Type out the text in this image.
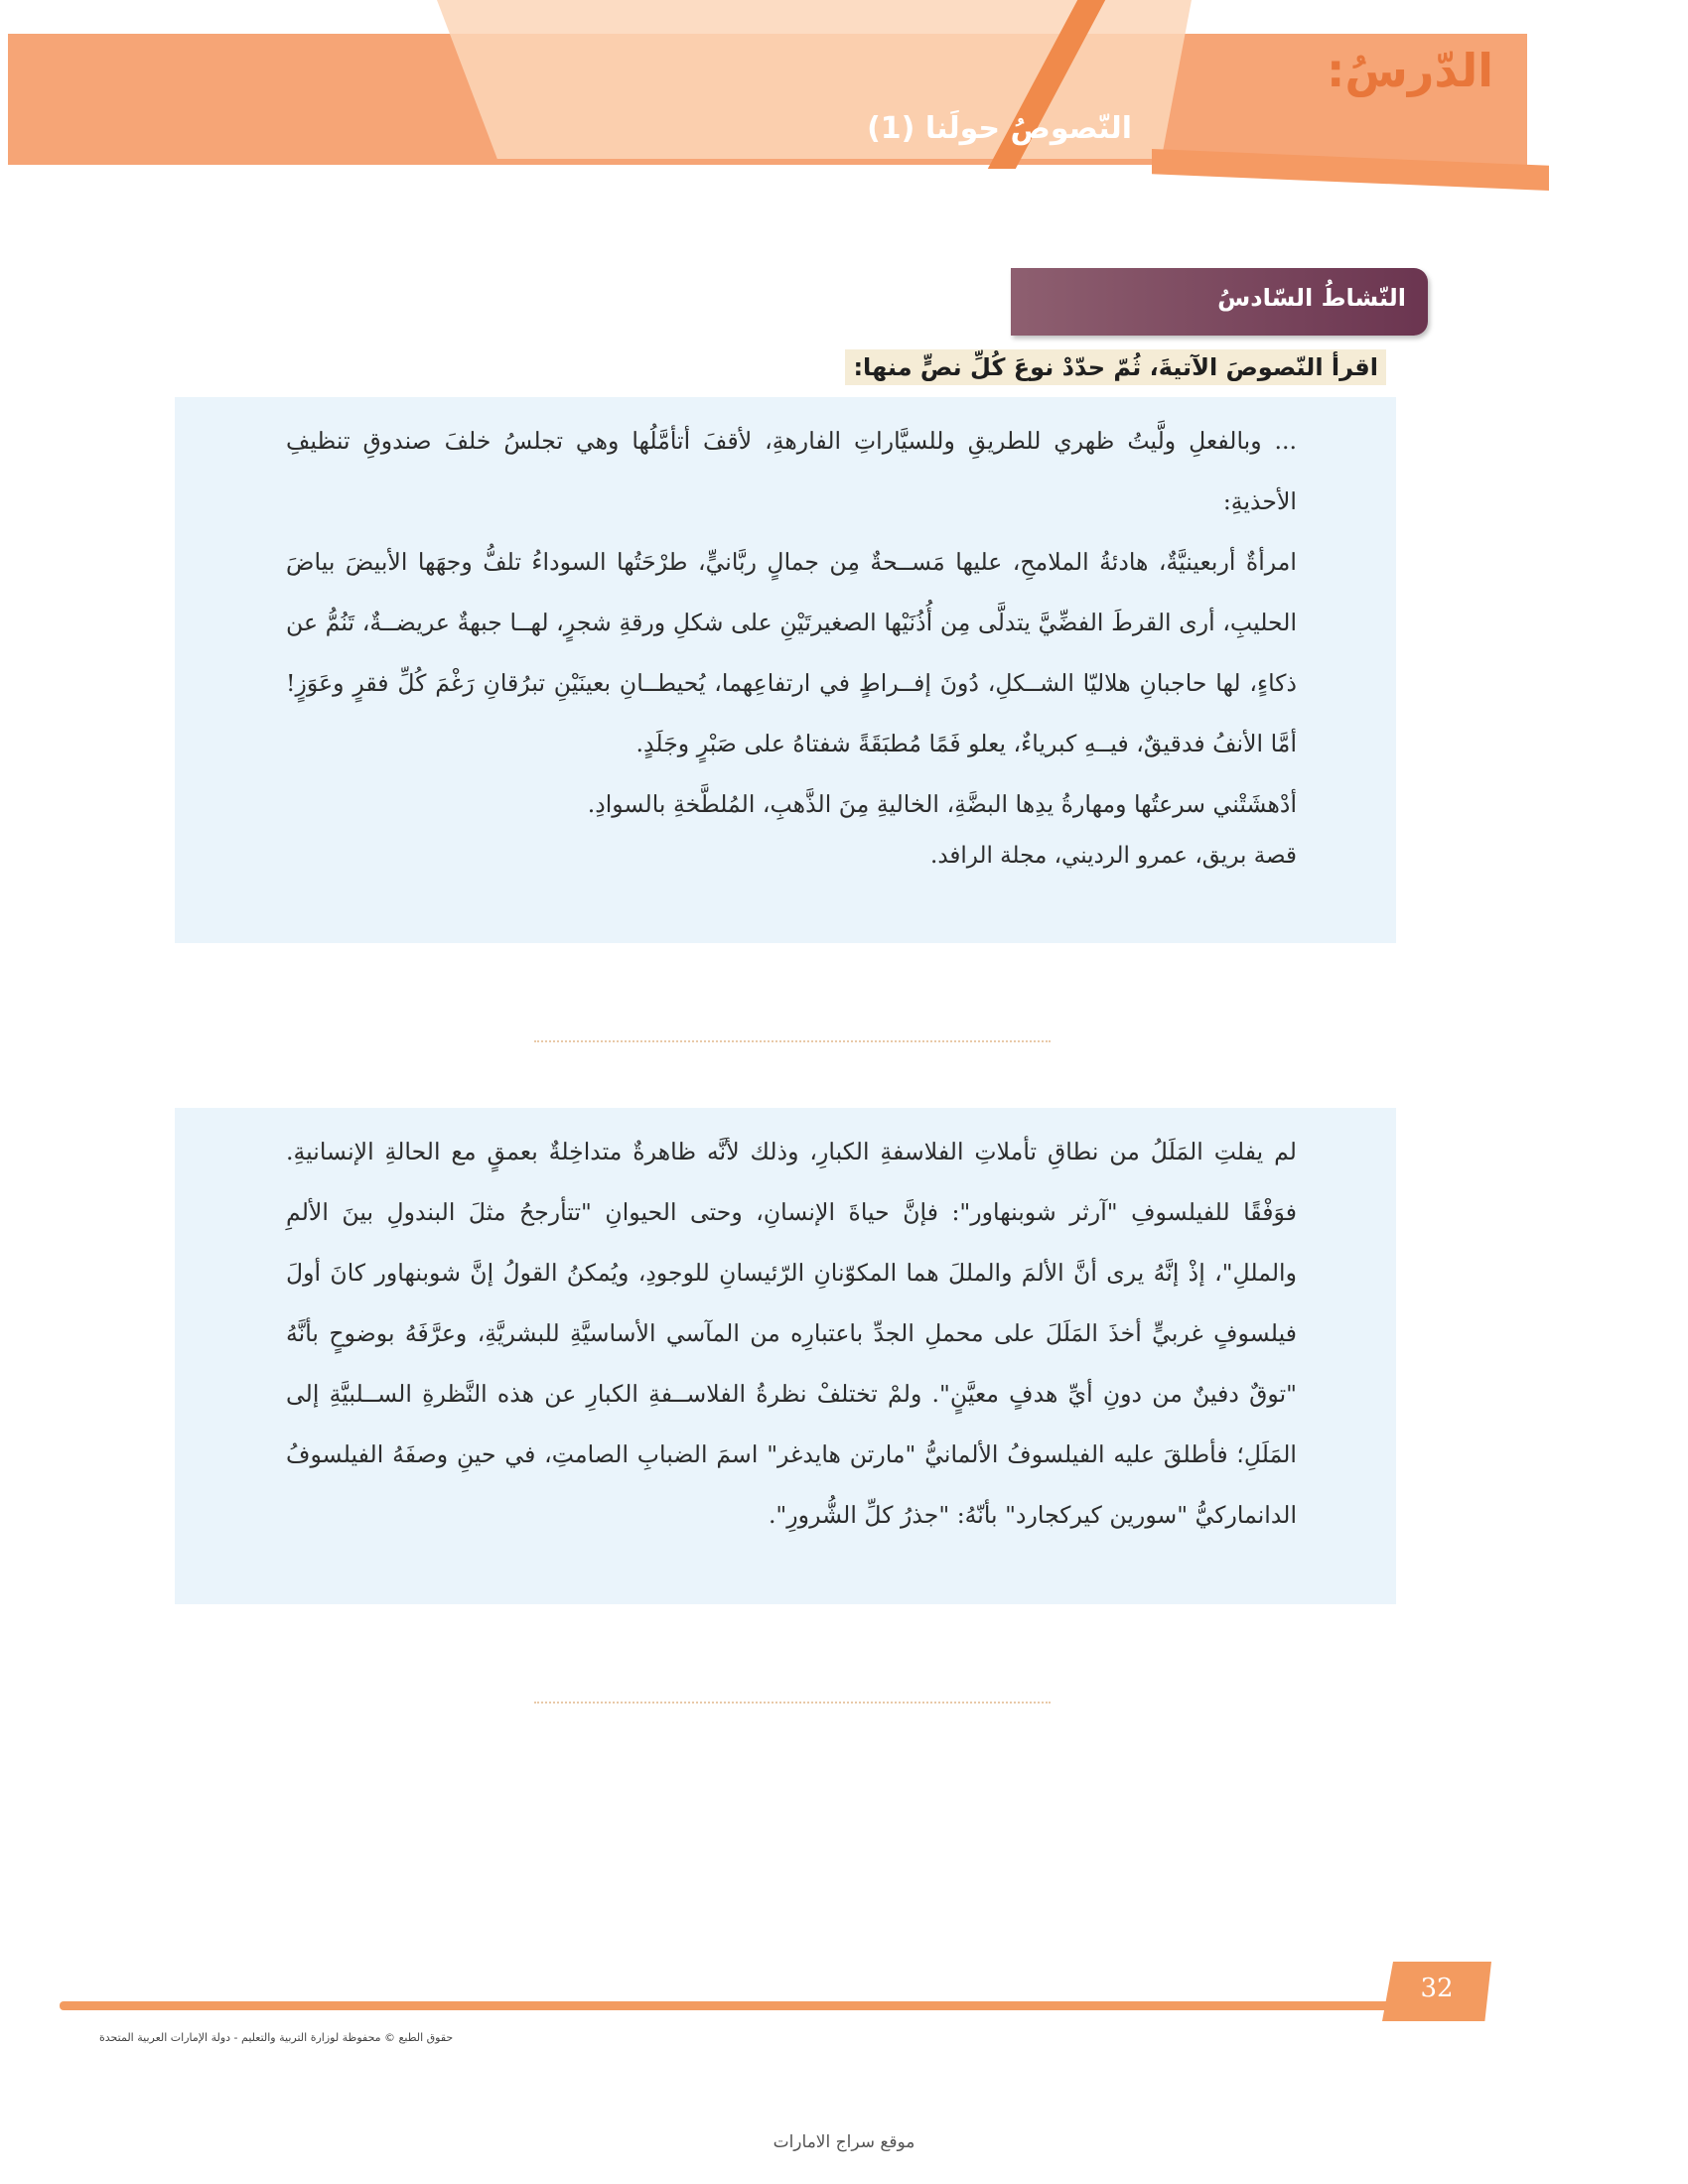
الدّرسُ:
النّصوصُ حولَنا (1)
النّشاطُ السّادسُ
اقرأ النّصوصَ الآتيةَ، ثُمّ حدّدْ نوعَ كُلِّ نصٍّ منها:

... وبالفعلِ ولَّيتُ ظهري للطريقِ وللسيَّاراتِ الفارهةِ، لأقفَ أتأمَّلُها وهي تجلسُ خلفَ صندوقِ تنظيفِ الأحذيةِ:

امرأةٌ أربعينيَّةٌ، هادئةُ الملامحِ، عليها مَســحةٌ مِن جمالٍ ربَّانيٍّ، طرْحَتُها السوداءُ تلفُّ وجهَها الأبيضَ بياضَ الحليبِ، أرى القرطَ الفضِّيَّ يتدلَّى مِن أُذُنَيْها الصغيرتَيْنِ على شكلِ ورقةِ شجرٍ، لهــا جبهةٌ عريضــةٌ، تَنُمُّ عن ذكاءٍ، لها حاجبانِ هلاليّا الشــكلِ، دُونَ إفــراطٍ في ارتفاعِهما، يُحيطــانِ بعينَيْنِ تبرُقانِ رَغْمَ كُلِّ فقرٍ وعَوَزٍ! أمَّا الأنفُ فدقيقٌ، فيــهِ كبرياءٌ، يعلو فَمًا مُطبَقَةً شفتاهُ على صَبْرٍ وجَلَدٍ.

أدْهشَتْني سرعتُها ومهارةُ يدِها البضَّةِ، الخاليةِ مِنَ الذَّهبِ، المُلطَّخةِ بالسوادِ.

قصة بريق، عمرو الرديني، مجلة الرافد.

لم يفلتِ المَلَلُ من نطاقِ تأملاتِ الفلاسفةِ الكبارِ، وذلك لأنَّه ظاهرةٌ متداخِلةٌ بعمقٍ مع الحالةِ الإنسانيةِ. فوَفْقًا للفيلسوفِ "آرثر شوبنهاور": فإنَّ حياةَ الإنسانِ، وحتى الحيوانِ "تتأرجحُ مثلَ البندولِ بينَ الألمِ والمللِ"، إذْ إنَّهُ يرى أنَّ الألمَ والمللَ هما المكوّنانِ الرّئيسانِ للوجودِ، ويُمكنُ القولُ إنَّ شوبنهاور كانَ أولَ فيلسوفٍ غربيٍّ أخذَ المَلَلَ على محملِ الجدِّ باعتبارِه من المآسي الأساسيَّةِ للبشريَّةِ، وعرَّفَهُ بوضوحٍ بأنَّهُ "توقٌ دفينٌ من دونِ أيِّ هدفٍ معيَّنٍ". ولمْ تختلفْ نظرةُ الفلاســفةِ الكبارِ عن هذه النَّظرةِ الســلبيَّةِ إلى المَلَلِ؛ فأطلقَ عليه الفيلسوفُ الألمانيُّ "مارتن هايدغر" اسمَ الضبابِ الصامتِ، في حينِ وصفَهُ الفيلسوفُ الدانماركيُّ "سورين كيركجارد" بأنّهُ: "جذرُ كلِّ الشُّرورِ".

32
حقوق الطبع © محفوظة لوزارة التربية والتعليم - دولة الإمارات العربية المتحدة
موقع سراج الامارات
